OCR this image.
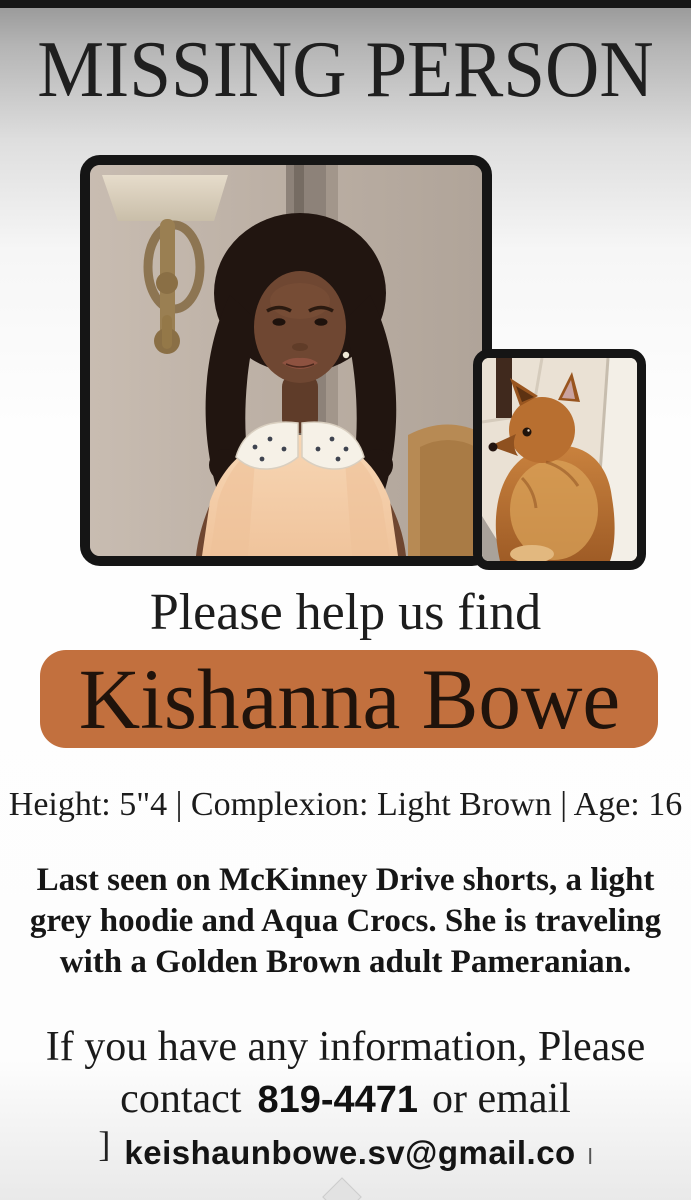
MISSING PERSON
Please help us find
Kishanna Bowe
Height: 5"4 | Complexion: Light Brown | Age: 16
Last seen on McKinney Drive shorts, a light
grey hoodie and Aqua Crocs. She is traveling
with a Golden Brown adult Pameranian.
If you have any information, Please
contact 819-4471 or email
] keishaunbowe.sv@gmail.co l
